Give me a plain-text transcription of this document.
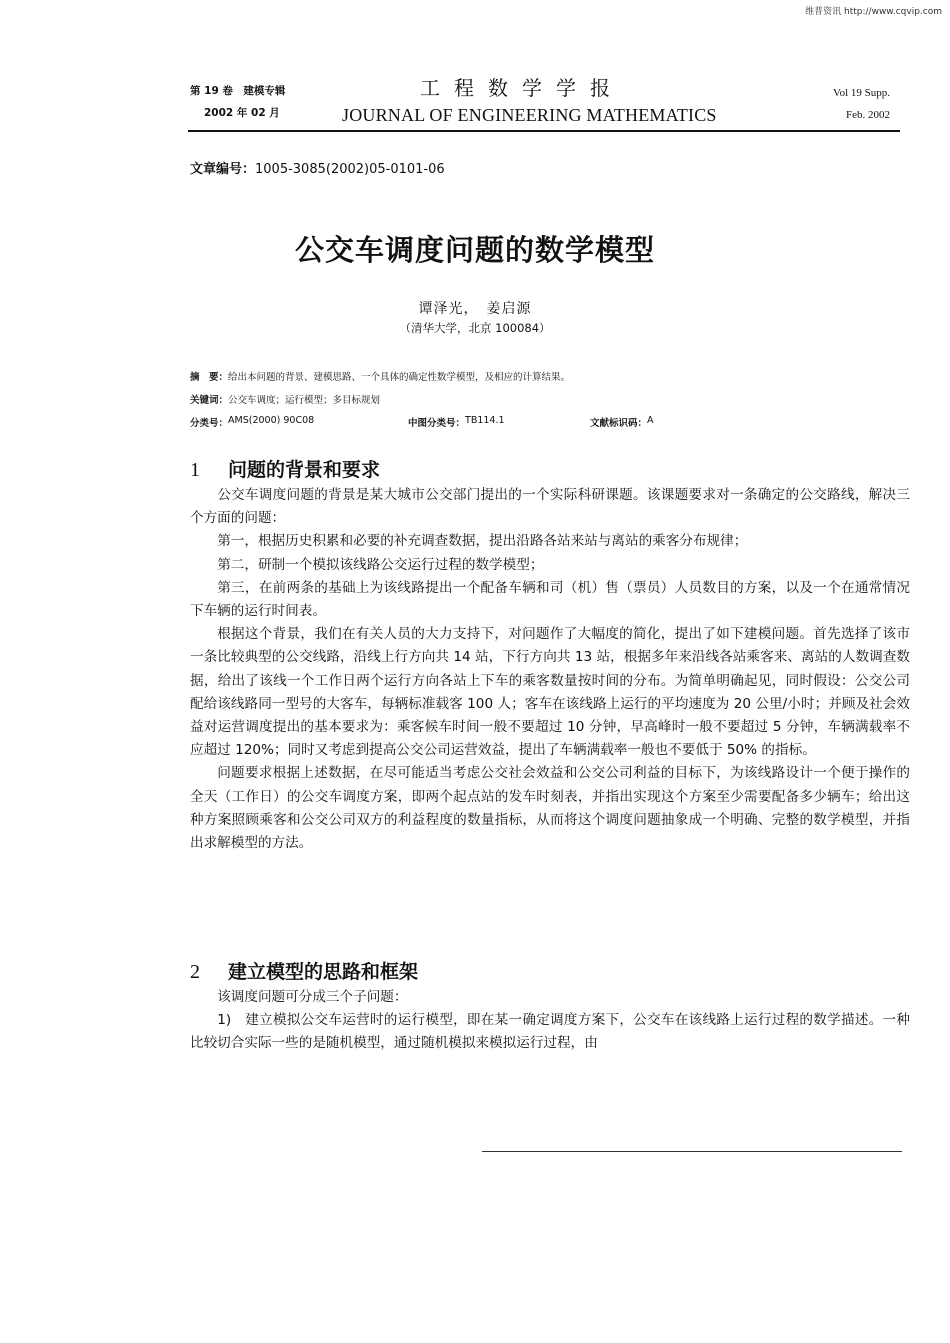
维普资讯 http://www.cqvip.com
第 19 卷　建模专辑
2002 年 02 月
工程数学学报
JOURNAL OF ENGINEERING MATHEMATICS
Vol 19 Supp.
Feb. 2002
文章编号：1005-3085(2002)05-0101-06
公交车调度问题的数学模型
谭泽光，　姜启源
（清华大学，北京 100084）
摘　要：给出本问题的背景、建模思路、一个具体的确定性数学模型，及相应的计算结果。
关键词：公交车调度；运行模型；多目标规划
分类号： AMS(2000) 90C08	中图分类号： TB114.1	文献标识码： A
1 问题的背景和要求

公交车调度问题的背景是某大城市公交部门提出的一个实际科研课题。该课题要求对一条确定的公交路线，解决三个方面的问题：

第一，根据历史积累和必要的补充调查数据，提出沿路各站来站与离站的乘客分布规律；

第二，研制一个模拟该线路公交运行过程的数学模型；

第三，在前两条的基础上为该线路提出一个配备车辆和司（机）售（票员）人员数目的方案，以及一个在通常情况下车辆的运行时间表。

根据这个背景，我们在有关人员的大力支持下，对问题作了大幅度的简化，提出了如下建模问题。首先选择了该市一条比较典型的公交线路，沿线上行方向共 14 站，下行方向共 13 站，根据多年来沿线各站乘客来、离站的人数调查数据，给出了该线一个工作日两个运行方向各站上下车的乘客数量按时间的分布。为简单明确起见，同时假设：公交公司配给该线路同一型号的大客车，每辆标准载客 100 人；客车在该线路上运行的平均速度为 20 公里/小时；并顾及社会效益对运营调度提出的基本要求为：乘客候车时间一般不要超过 10 分钟，早高峰时一般不要超过 5 分钟，车辆满载率不应超过 120%；同时又考虑到提高公交公司运营效益，提出了车辆满载率一般也不要低于 50% 的指标。

问题要求根据上述数据，在尽可能适当考虑公交社会效益和公交公司利益的目标下，为该线路设计一个便于操作的全天（工作日）的公交车调度方案，即两个起点站的发车时刻表，并指出实现这个方案至少需要配备多少辆车；给出这种方案照顾乘客和公交公司双方的利益程度的数量指标，从而将这个调度问题抽象成一个明确、完整的数学模型，并指出求解模型的方法。

2 建立模型的思路和框架

该调度问题可分成三个子问题：

1)　建立模拟公交车运营时的运行模型，即在某一确定调度方案下，公交车在该线路上运行过程的数学描述。一种比较切合实际一些的是随机模型，通过随机模拟来模拟运行过程，由
